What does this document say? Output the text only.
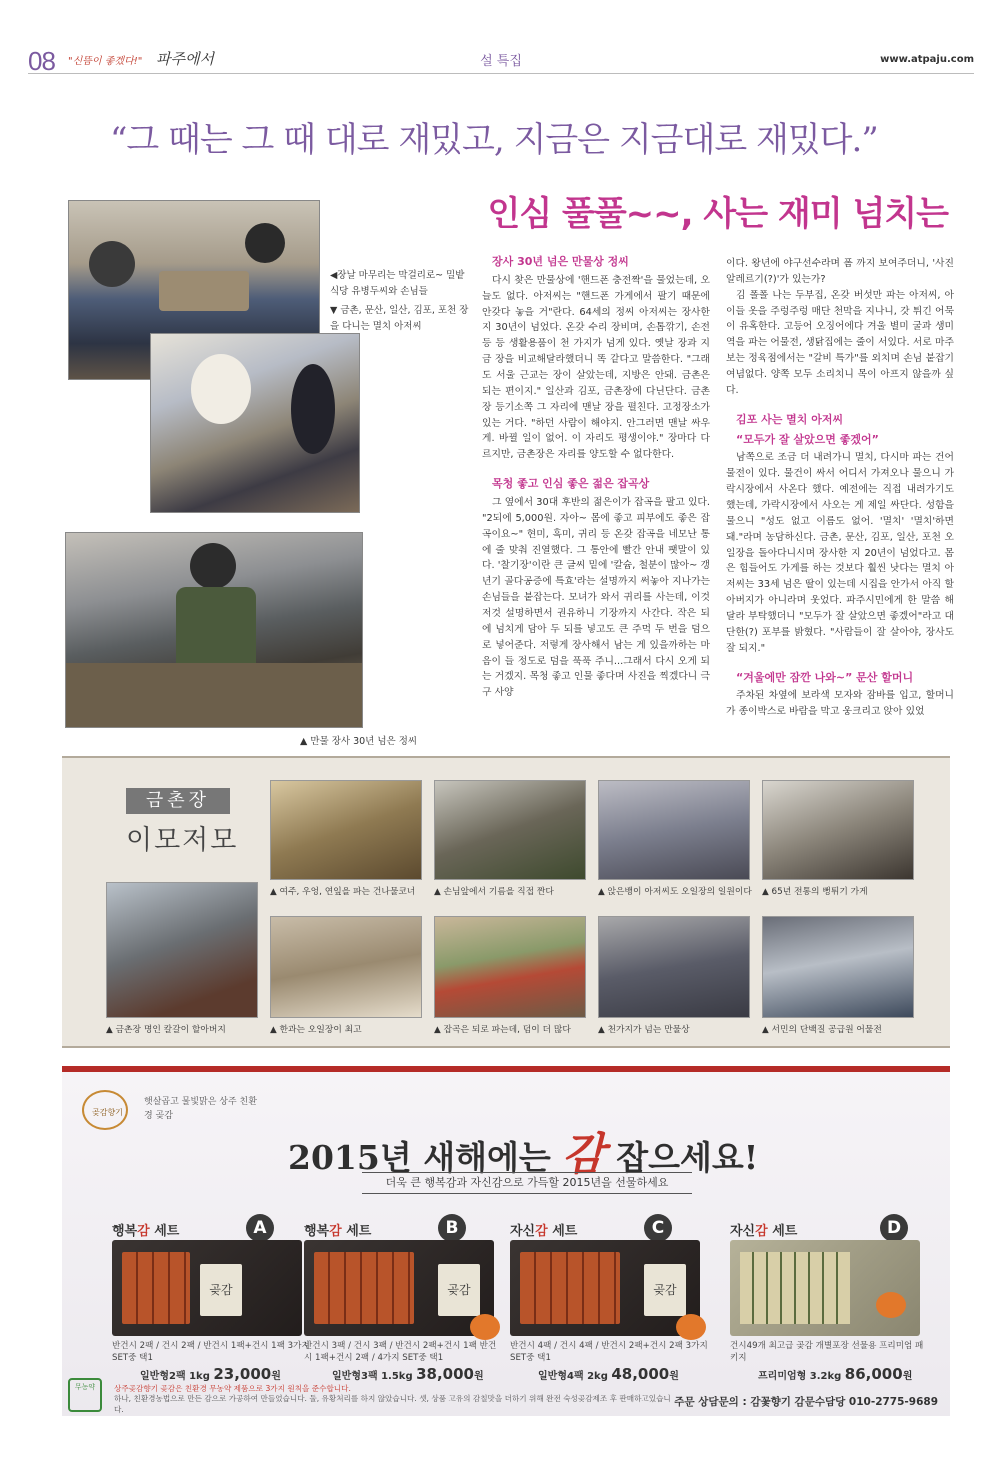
08 "신뜸이 좋겠다!" 파주에서	설 특집	www.atpaju.com
“그 때는 그 때 대로 재밌고, 지금은 지금대로 재밌다.”
인심 풀풀~~, 사는 재미 넘치는
◀장날 마무리는 막걸리로~ 밀밭 식당 유병두씨와 손님들
▼ 금촌, 문산, 일산, 김포, 포천 장을 다니는 멸치 아저씨
▲ 만물 장사 30년 넘은 정씨
장사 30년 넘은 만물상 정씨

다시 찾은 만물상에 '핸드폰 충전짝'을 물었는데, 오늘도 없다. 아저씨는 "핸드폰 가게에서 팔기 때문에 안갖다 놓을 거"란다. 64세의 정씨 아저씨는 장사한지 30년이 넘었다. 온갖 수리 장비며, 손톱깎기, 손전등 등 생활용품이 천 가지가 넘게 있다. 옛날 장과 지금 장을 비교해달라했더니 똑 같다고 말씀한다. "그래도 서울 근교는 장이 살았는데, 지방은 안돼. 금촌은 되는 편이지." 일산과 김포, 금촌장에 다닌단다. 금촌장 등기소쪽 그 자리에 맨날 장을 펼친다. 고정장소가 있는 거다. "하던 사람이 해야지. 안그러면 맨날 싸우게. 바뀔 일이 없어. 이 자리도 평생이야." 장마다 다르지만, 금촌장은 자리를 양도할 수 없다한다.

목청 좋고 인심 좋은 젊은 잡곡상

그 옆에서 30대 후반의 젊은이가 잡곡을 팔고 있다. "2되에 5,000원. 자아~ 몸에 좋고 피부에도 좋은 잡곡이요~" 현미, 흑미, 귀리 등 온갖 잡곡을 네모난 통에 줄 맞춰 진열했다. 그 통안에 빨간 안내 팻말이 있다. '찰기장'이란 큰 글씨 밑에 '칼슘, 철분이 많아~ 갱년기 골다공증에 특효'라는 설명까지 써놓아 지나가는 손님들을 붙잡는다. 모녀가 와서 귀리를 사는데, 이것 저것 설명하면서 권유하니 기장까지 사간다. 작은 되에 넘치게 담아 두 되를 넣고도 큰 주먹 두 번을 덤으로 넣어준다. 저렇게 장사해서 남는 게 있을까하는 마음이 들 정도로 덤을 푹푹 주니...그래서 다시 오게 되는 거겠지. 목청 좋고 인물 좋다며 사진을 찍겠다니 극구 사양

이다. 왕년에 야구선수라며 폼 까지 보여주더니, '사진 알레르기(?)'가 있는가?

김 폴폴 나는 두부집, 온갖 버섯만 파는 아저씨, 아이들 옷을 주렁주렁 매단 천막을 지나니, 갓 튀긴 어묵이 유혹한다. 고등어 오징어에다 겨울 별미 굴과 생미역을 파는 어물전, 생닭집에는 줄이 서있다. 서로 마주보는 정육점에서는 "갈비 특가"를 외치며 손님 붙잡기 여념없다. 양쪽 모두 소리치니 목이 아프지 않을까 싶다.

김포 사는 멸치 아저씨
“모두가 잘 살았으면 좋겠어”

남쪽으로 조금 더 내려가니 멸치, 다시마 파는 건어물전이 있다. 물건이 싸서 어디서 가져오나 물으니 가락시장에서 사온다 했다. 예전에는 직접 내려가기도 했는데, 가락시장에서 사오는 게 제일 싸단다. 성함을 물으니 "성도 없고 이름도 없어. '멸치' '멸치'하면 돼."라며 농담하신다. 금촌, 문산, 김포, 일산, 포천 오일장을 돌아다니시며 장사한 지 20년이 넘었다고. 몸은 힘들어도 가게를 하는 것보다 훨씬 낫다는 멸치 아저씨는 33세 넘은 딸이 있는데 시집을 안가서 아직 할아버지가 아니라며 웃었다. 파주시민에게 한 말씀 해달라 부탁했더니 "모두가 잘 살았으면 좋겠어"라고 대단한(?) 포부를 밝혔다. "사람들이 잘 살아야, 장사도 잘 되지."

“겨울에만 잠깐 나와~” 문산 할머니

주차된 차옆에 보라색 모자와 잠바를 입고, 할머니가 종이박스로 바람을 막고 웅크리고 앉아 있었

금촌장
이모저모
▲ 여주, 우엉, 연잎을 파는 건나물코너 ▲ 손님앞에서 기름을 직접 짠다	▲ 앉은뱅이 아저씨도 오일장의 일원이다 ▲ 65년 전통의 뻥튀기 가게
▲ 금촌장 명인 칼갈이 할아버지	▲ 한과는 오일장이 최고	▲ 잡곡은 되로 파는데, 덤이 더 많다	▲ 천가지가 넘는 만물상	▲ 서민의 단백질 공급원 어물전
곶감향기
햇살곱고 물빛맑은 상주 친환경 곶감
2015년 새해에는 감 잡으세요!
더욱 큰 행복감과 자신감으로 가득할 2015년을 선물하세요
행복감 세트	A
곶감
반건시 2팩 / 건시 2팩 / 반건시 1팩+건시 1팩 3가지 SET중 택1
일반형2팩 1kg 23,000원
행복감 세트	B
곶감
반건시 3팩 / 건시 3팩 / 반건시 2팩+건시 1팩 반건시 1팩+건시 2팩 / 4가지 SET중 택1
일반형3팩 1.5kg 38,000원
자신감 세트	C
곶감
반건시 4팩 / 건시 4팩 / 반건시 2팩+건시 2팩 3가지 SET중 택1
일반형4팩 2kg 48,000원
자신감 세트	D
건시49개 최고급 곶감 개별포장 선물용 프리미엄 패키지
프리미엄형 3.2kg 86,000원
무농약	상주곶감향기 곶감은 친환경 무농약 제품으로 3가지 원칙을 준수합니다.
하나, 친환경농법으로 만든 감으로 가공하여 만들었습니다. 둘, 유황처리를 하지 않았습니다. 셋, 상품 고유의 감칠맛을 더하기 위해 완전 숙성곶감제조 후 판매하고있습니다.
주문 상담문의 : 감꽃향기 감문수담당 010-2775-9689
